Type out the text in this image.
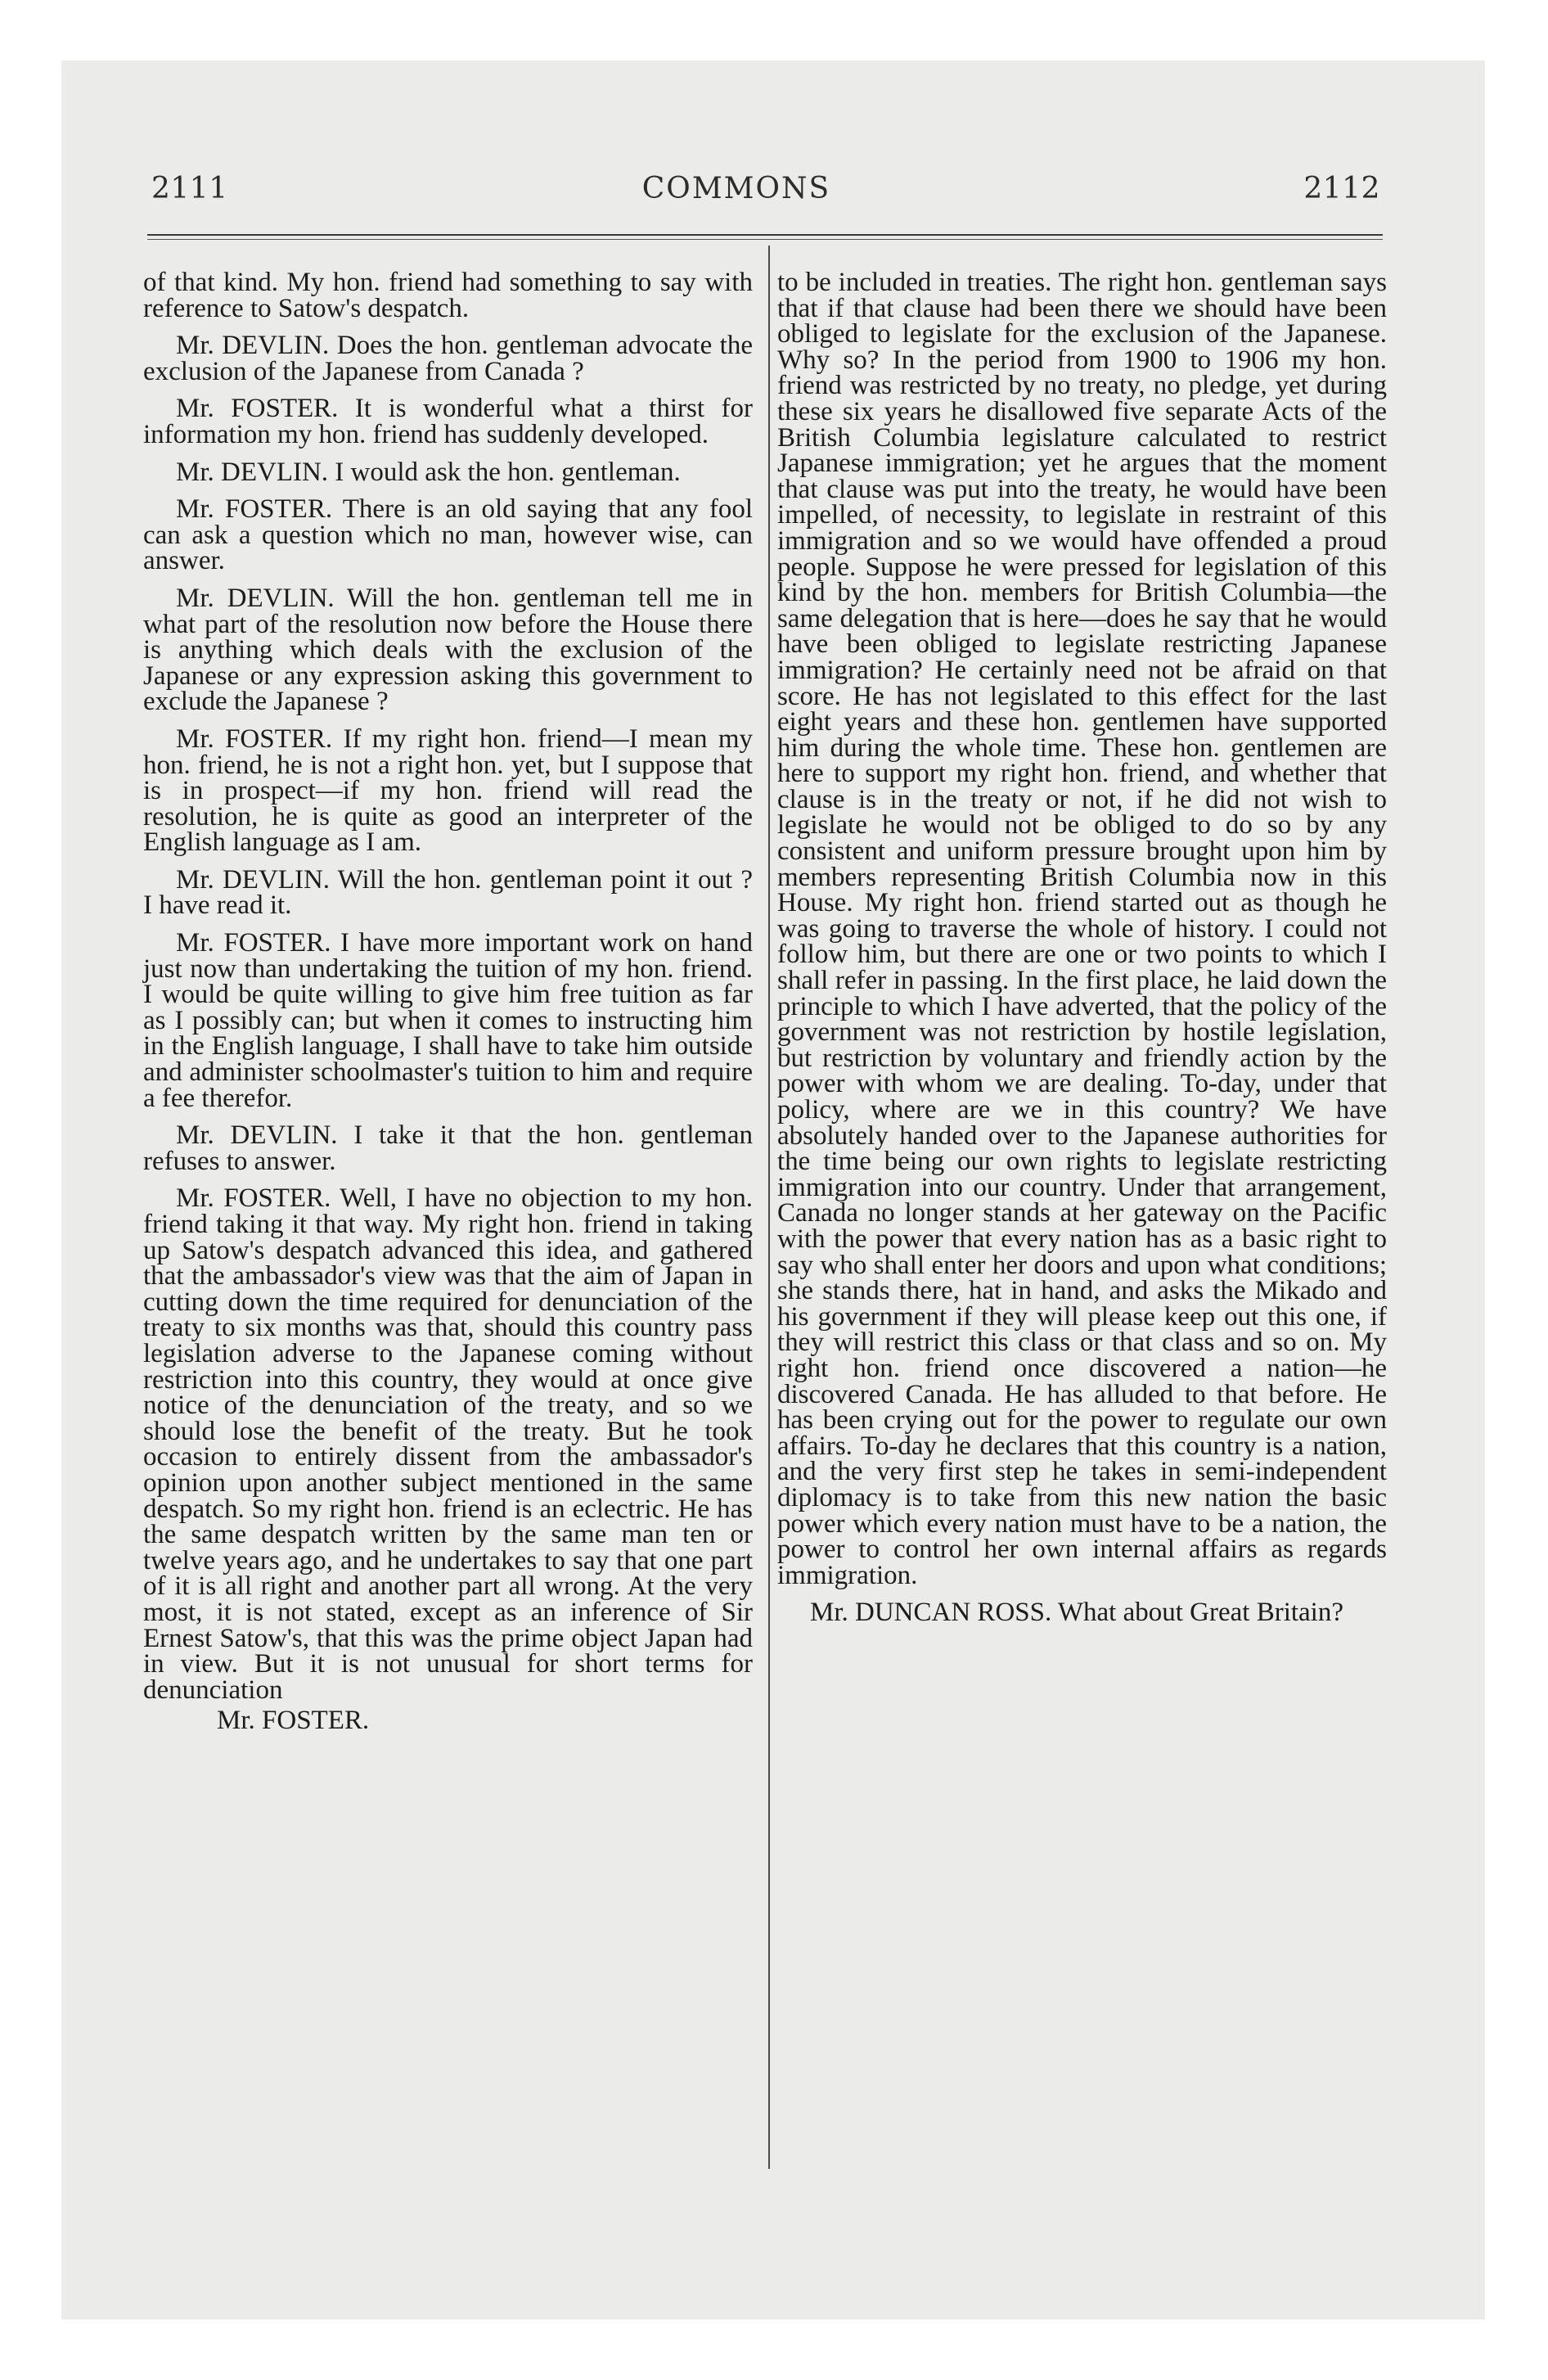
COMMONS
2111	2112

of that kind. My hon. friend had something to say with reference to Satow's despatch.

Mr. DEVLIN. Does the hon. gentleman advocate the exclusion of the Japanese from Canada ?

Mr. FOSTER. It is wonderful what a thirst for information my hon. friend has suddenly developed.

Mr. DEVLIN. I would ask the hon. gentleman.

Mr. FOSTER. There is an old saying that any fool can ask a question which no man, however wise, can answer.

Mr. DEVLIN. Will the hon. gentleman tell me in what part of the resolution now before the House there is anything which deals with the exclusion of the Japanese or any expression asking this government to exclude the Japanese ?

Mr. FOSTER. If my right hon. friend—I mean my hon. friend, he is not a right hon. yet, but I suppose that is in prospect—if my hon. friend will read the resolution, he is quite as good an interpreter of the English language as I am.

Mr. DEVLIN. Will the hon. gentleman point it out ? I have read it.

Mr. FOSTER. I have more important work on hand just now than undertaking the tuition of my hon. friend. I would be quite willing to give him free tuition as far as I possibly can; but when it comes to instructing him in the English language, I shall have to take him outside and administer schoolmaster's tuition to him and require a fee therefor.

Mr. DEVLIN. I take it that the hon. gentleman refuses to answer.

Mr. FOSTER. Well, I have no objection to my hon. friend taking it that way. My right hon. friend in taking up Satow's despatch advanced this idea, and gathered that the ambassador's view was that the aim of Japan in cutting down the time required for denunciation of the treaty to six months was that, should this country pass legislation adverse to the Japanese coming without restriction into this country, they would at once give notice of the denunciation of the treaty, and so we should lose the benefit of the treaty. But he took occasion to entirely dissent from the ambassador's opinion upon another subject mentioned in the same despatch. So my right hon. friend is an eclectric. He has the same despatch written by the same man ten or twelve years ago, and he undertakes to say that one part of it is all right and another part all wrong. At the very most, it is not stated, except as an inference of Sir Ernest Satow's, that this was the prime object Japan had in view. But it is not unusual for short terms for denunciation

Mr. FOSTER.

to be included in treaties. The right hon. gentleman says that if that clause had been there we should have been obliged to legislate for the exclusion of the Japanese. Why so? In the period from 1900 to 1906 my hon. friend was restricted by no treaty, no pledge, yet during these six years he disallowed five separate Acts of the British Columbia legislature calculated to restrict Japanese immigration; yet he argues that the moment that clause was put into the treaty, he would have been impelled, of necessity, to legislate in restraint of this immigration and so we would have offended a proud people. Suppose he were pressed for legislation of this kind by the hon. members for British Columbia—the same delegation that is here—does he say that he would have been obliged to legislate restricting Japanese immigration? He certainly need not be afraid on that score. He has not legislated to this effect for the last eight years and these hon. gentlemen have supported him during the whole time. These hon. gentlemen are here to support my right hon. friend, and whether that clause is in the treaty or not, if he did not wish to legislate he would not be obliged to do so by any consistent and uniform pressure brought upon him by members representing British Columbia now in this House. My right hon. friend started out as though he was going to traverse the whole of history. I could not follow him, but there are one or two points to which I shall refer in passing. In the first place, he laid down the principle to which I have adverted, that the policy of the government was not restriction by hostile legislation, but restriction by voluntary and friendly action by the power with whom we are dealing. To-day, under that policy, where are we in this country? We have absolutely handed over to the Japanese authorities for the time being our own rights to legislate restricting immigration into our country. Under that arrangement, Canada no longer stands at her gateway on the Pacific with the power that every nation has as a basic right to say who shall enter her doors and upon what conditions; she stands there, hat in hand, and asks the Mikado and his government if they will please keep out this one, if they will restrict this class or that class and so on. My right hon. friend once discovered a nation—he discovered Canada. He has alluded to that before. He has been crying out for the power to regulate our own affairs. To-day he declares that this country is a nation, and the very first step he takes in semi-independent diplomacy is to take from this new nation the basic power which every nation must have to be a nation, the power to control her own internal affairs as regards immigration.

Mr. DUNCAN ROSS. What about Great Britain?
